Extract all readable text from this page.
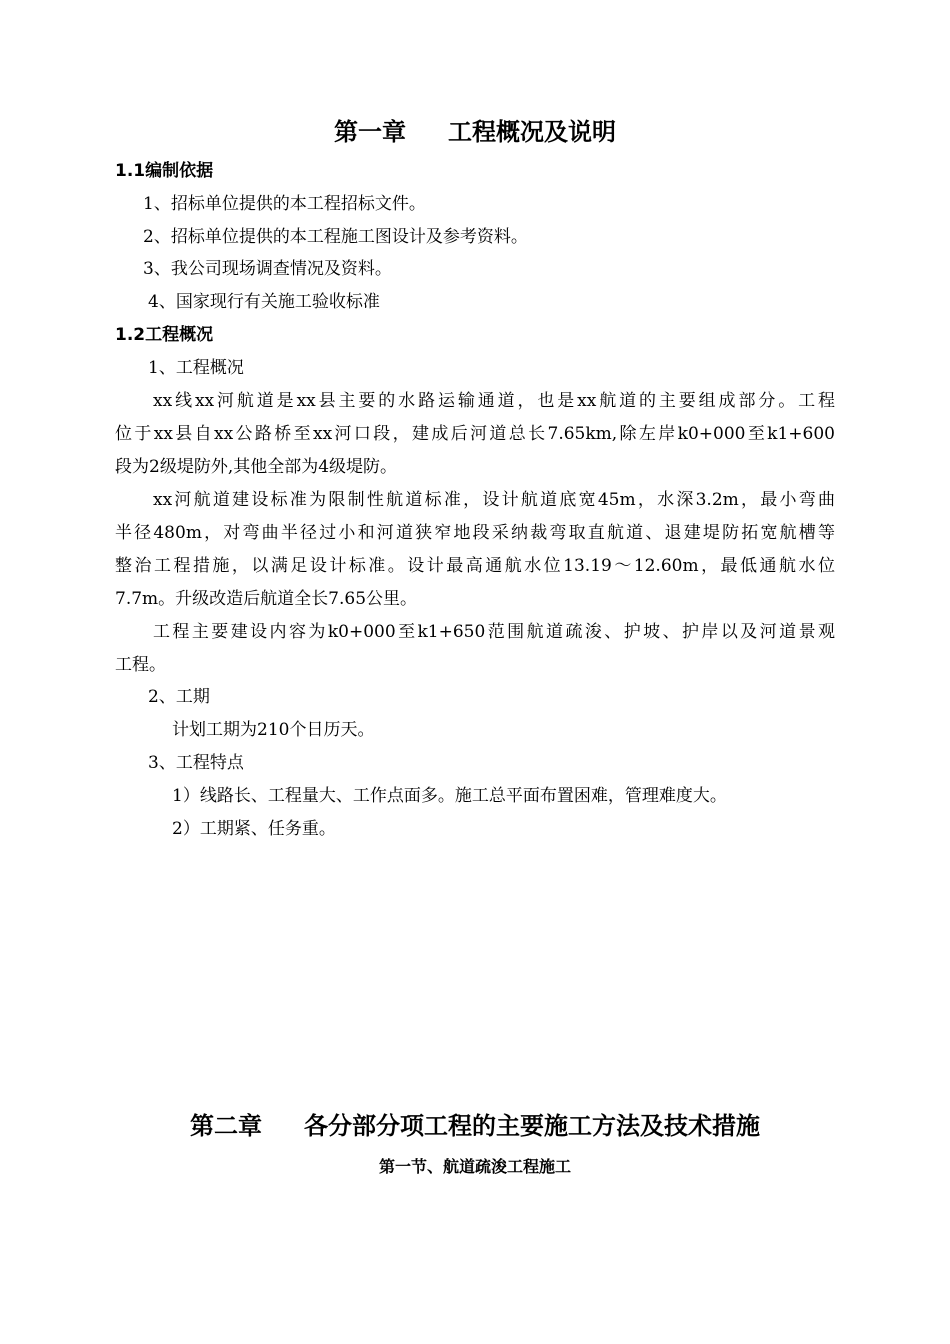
第一章 工程概况及说明
1.1编制依据
1、招标单位提供的本工程招标文件。
2、招标单位提供的本工程施工图设计及参考资料。
3、我公司现场调查情况及资料。
4、国家现行有关施工验收标准
1.2工程概况
1、工程概况
xx线xx河航道是xx县主要的水路运输通道，也是xx航道的主要组成部分。工程
位于xx县自xx公路桥至xx河口段，建成后河道总长7.65km,除左岸k0+000至k1+600
段为2级堤防外,其他全部为4级堤防。
xx河航道建设标准为限制性航道标准，设计航道底宽45m，水深3.2m，最小弯曲
半径480m，对弯曲半径过小和河道狭窄地段采纳裁弯取直航道、退建堤防拓宽航槽等
整治工程措施，以满足设计标准。设计最高通航水位13.19～12.60m，最低通航水位
7.7m。升级改造后航道全长7.65公里。
工程主要建设内容为k0+000至k1+650范围航道疏浚、护坡、护岸以及河道景观
工程。
2、工期
计划工期为210个日历天。
3、工程特点
1）线路长、工程量大、工作点面多。施工总平面布置困难，管理难度大。
2）工期紧、任务重。
第二章 各分部分项工程的主要施工方法及技术措施
第一节、航道疏浚工程施工
